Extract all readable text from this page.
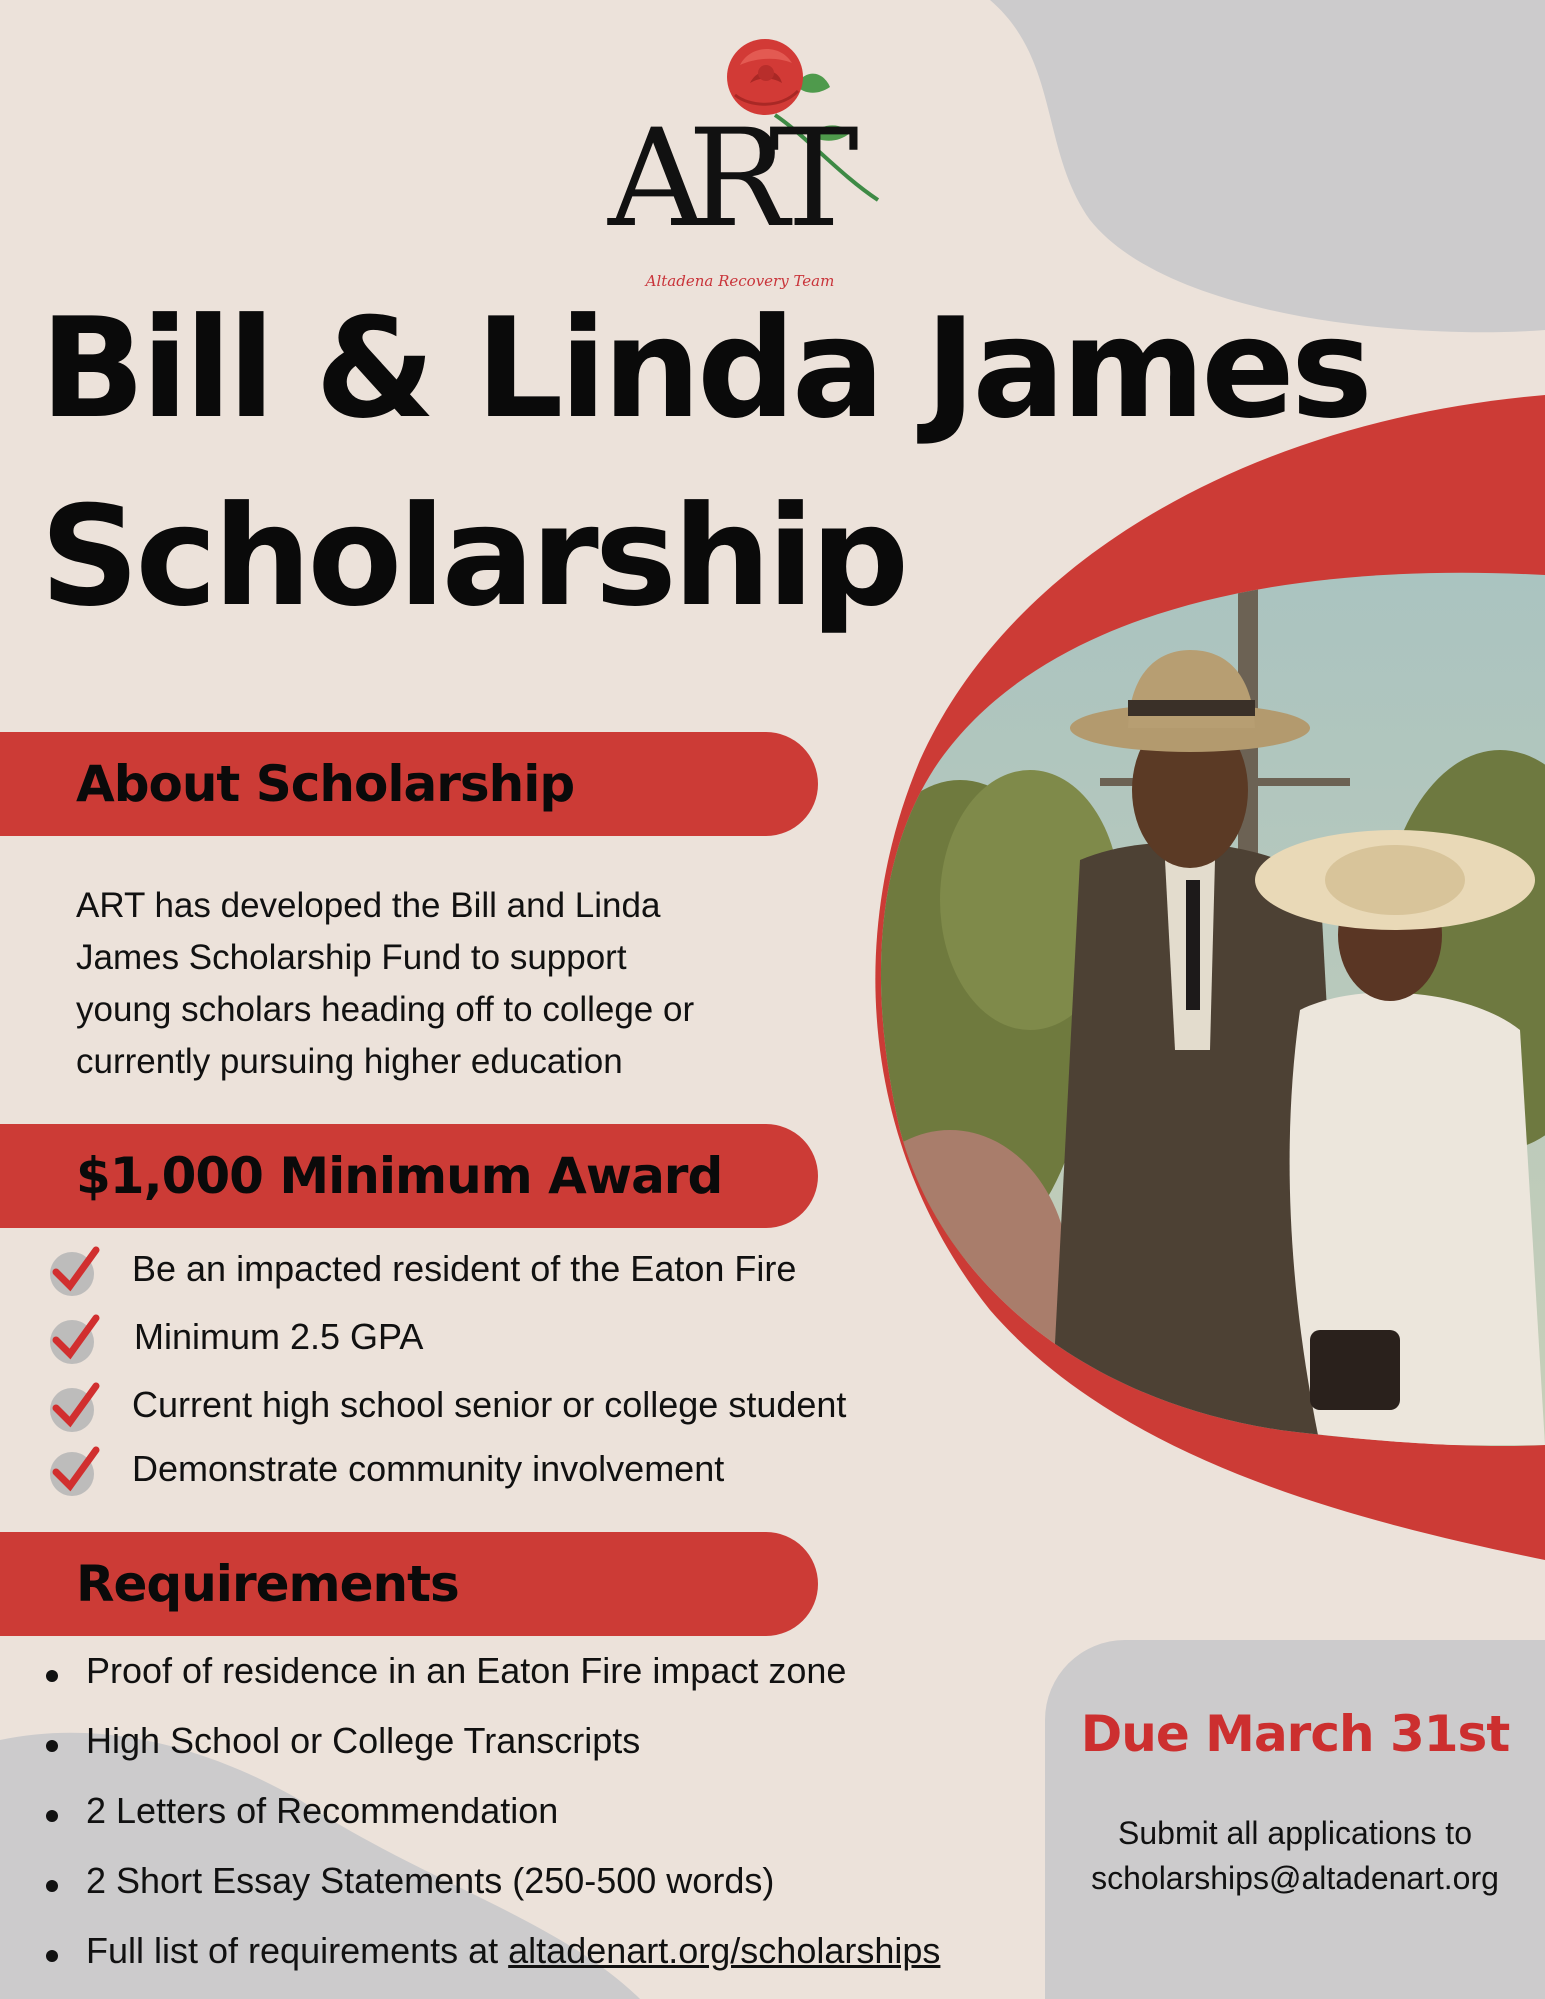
ART
Altadena Recovery Team
Bill & Linda James
Scholarship
About Scholarship
ART has developed the Bill and Linda
James Scholarship Fund to support
young scholars heading off to college or
currently pursuing higher education
$1,000 Minimum Award
Be an impacted resident of the Eaton Fire
Minimum 2.5 GPA
Current high school senior or college student
Demonstrate community involvement
Requirements
Proof of residence in an Eaton Fire impact zone
High School or College Transcripts
2 Letters of Recommendation
2 Short Essay Statements (250-500 words)
Full list of requirements at altadenart.org/scholarships
Due March 31st
Submit all applications to
scholarships@altadenart.org
